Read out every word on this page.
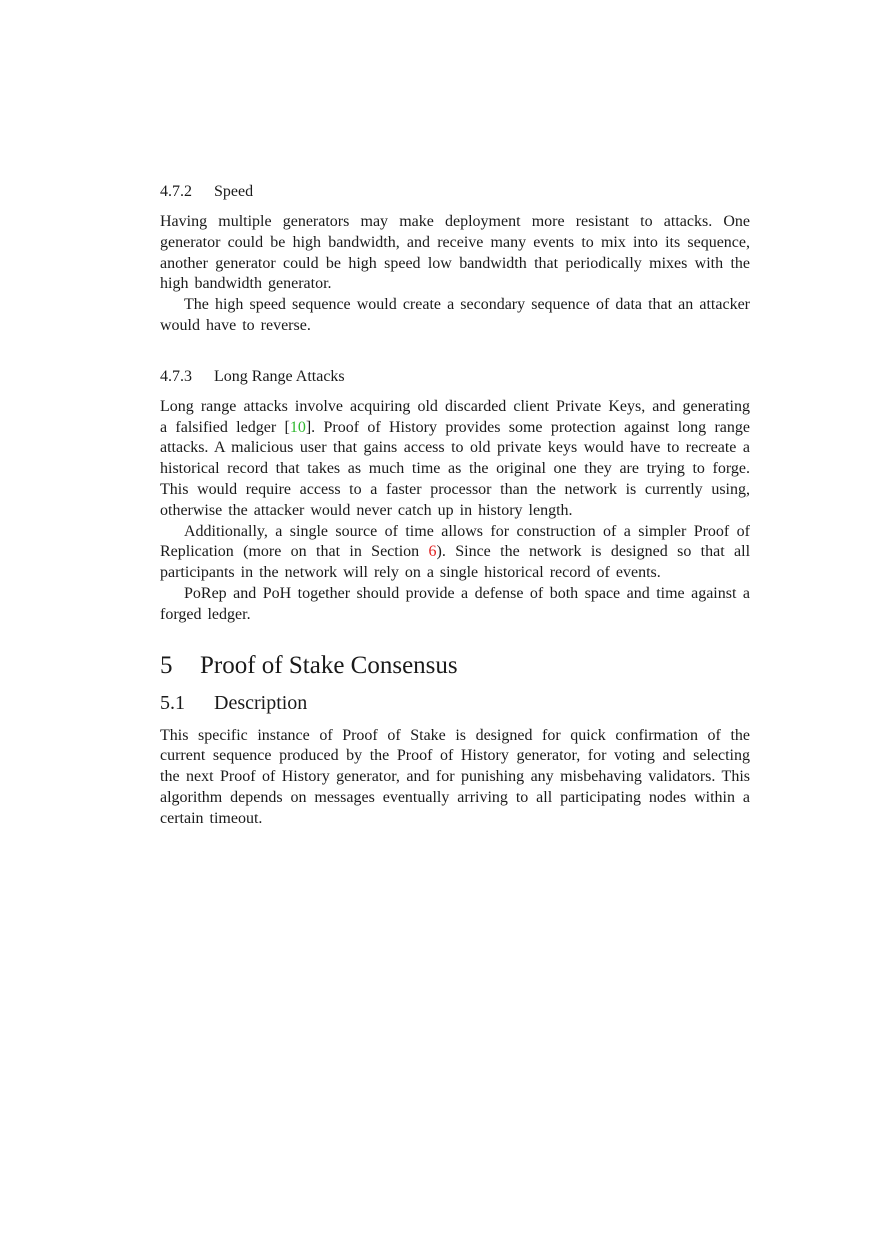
4.7.2 Speed

Having multiple generators may make deployment more resistant to attacks. One generator could be high bandwidth, and receive many events to mix into its sequence, another generator could be high speed low bandwidth that periodically mixes with the high bandwidth generator.

The high speed sequence would create a secondary sequence of data that an attacker would have to reverse.

4.7.3 Long Range Attacks

Long range attacks involve acquiring old discarded client Private Keys, and generating a falsified ledger [10]. Proof of History provides some protection against long range attacks. A malicious user that gains access to old private keys would have to recreate a historical record that takes as much time as the original one they are trying to forge. This would require access to a faster processor than the network is currently using, otherwise the attacker would never catch up in history length.

Additionally, a single source of time allows for construction of a simpler Proof of Replication (more on that in Section 6). Since the network is designed so that all participants in the network will rely on a single historical record of events.

PoRep and PoH together should provide a defense of both space and time against a forged ledger.

5 Proof of Stake Consensus
5.1 Description

This specific instance of Proof of Stake is designed for quick confirmation of the current sequence produced by the Proof of History generator, for voting and selecting the next Proof of History generator, and for punishing any misbehaving validators. This algorithm depends on messages eventually arriving to all participating nodes within a certain timeout.
